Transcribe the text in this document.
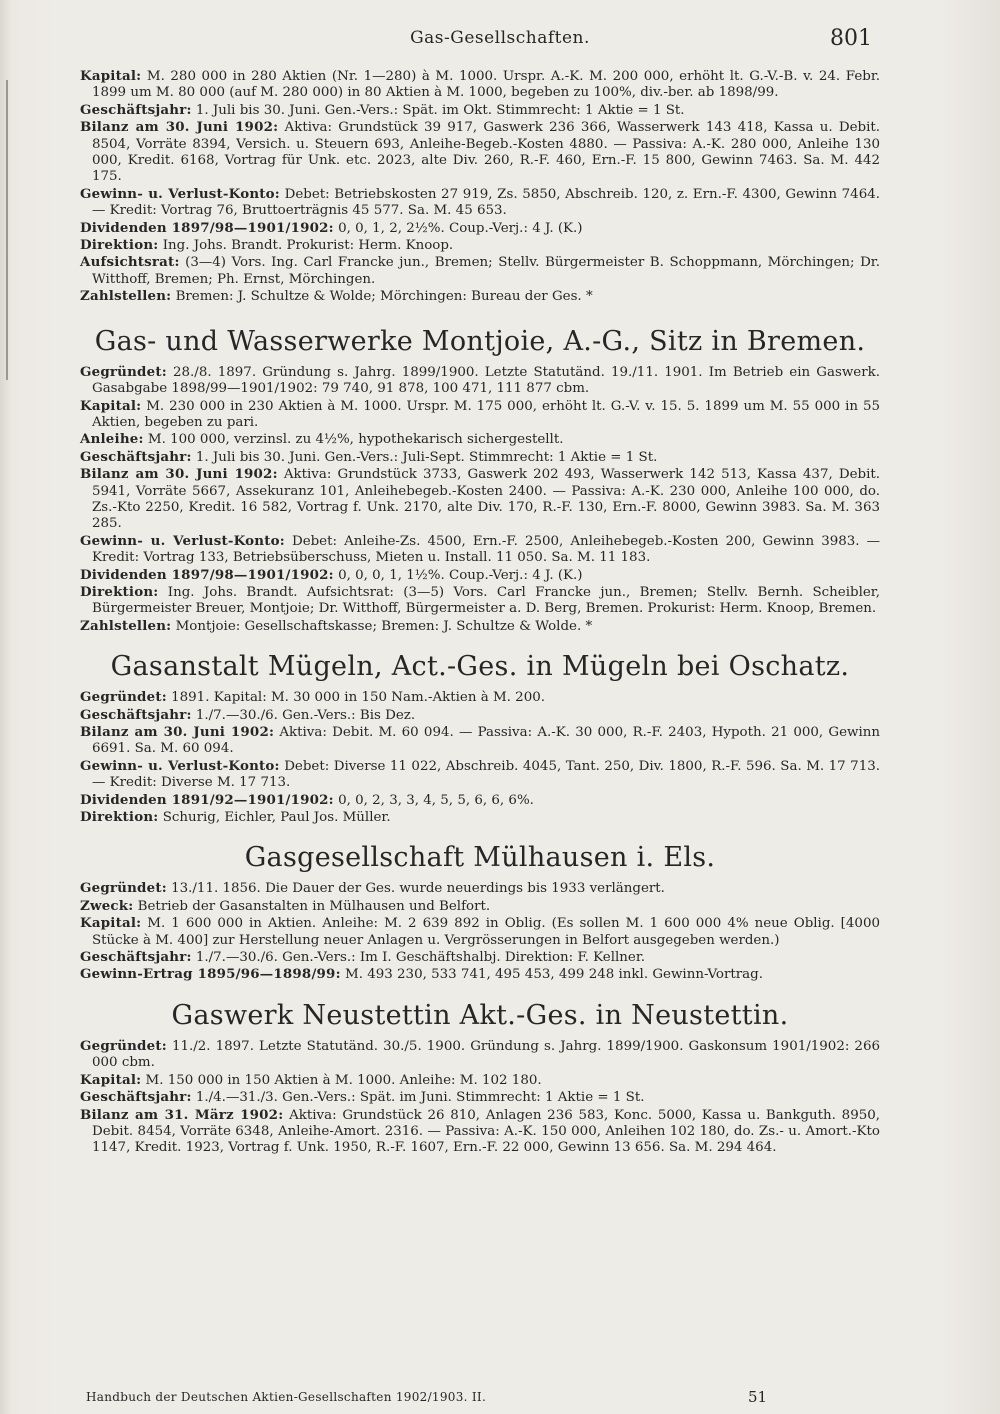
Gas-Gesellschaften.	801

Kapital: M. 280 000 in 280 Aktien (Nr. 1—280) à M. 1000. Urspr. A.-K. M. 200 000, erhöht lt. G.-V.-B. v. 24. Febr. 1899 um M. 80 000 (auf M. 280 000) in 80 Aktien à M. 1000, begeben zu 100%, div.-ber. ab 1898/99.

Geschäftsjahr: 1. Juli bis 30. Juni. Gen.-Vers.: Spät. im Okt. Stimmrecht: 1 Aktie = 1 St.

Bilanz am 30. Juni 1902: Aktiva: Grundstück 39 917, Gaswerk 236 366, Wasserwerk 143 418, Kassa u. Debit. 8504, Vorräte 8394, Versich. u. Steuern 693, Anleihe-Begeb.-Kosten 4880. — Passiva: A.-K. 280 000, Anleihe 130 000, Kredit. 6168, Vortrag für Unk. etc. 2023, alte Div. 260, R.-F. 460, Ern.-F. 15 800, Gewinn 7463. Sa. M. 442 175.

Gewinn- u. Verlust-Konto: Debet: Betriebskosten 27 919, Zs. 5850, Abschreib. 120, z. Ern.-F. 4300, Gewinn 7464. — Kredit: Vortrag 76, Bruttoerträgnis 45 577. Sa. M. 45 653.

Dividenden 1897/98—1901/1902: 0, 0, 1, 2, 2½%. Coup.-Verj.: 4 J. (K.)

Direktion: Ing. Johs. Brandt. Prokurist: Herm. Knoop.

Aufsichtsrat: (3—4) Vors. Ing. Carl Francke jun., Bremen; Stellv. Bürgermeister B. Schoppmann, Mörchingen; Dr. Witthoff, Bremen; Ph. Ernst, Mörchingen.

Zahlstellen: Bremen: J. Schultze & Wolde; Mörchingen: Bureau der Ges. *

Gas- und Wasserwerke Montjoie, A.-G., Sitz in Bremen.

Gegründet: 28./8. 1897. Gründung s. Jahrg. 1899/1900. Letzte Statutänd. 19./11. 1901. Im Betrieb ein Gaswerk. Gasabgabe 1898/99—1901/1902: 79 740, 91 878, 100 471, 111 877 cbm.

Kapital: M. 230 000 in 230 Aktien à M. 1000. Urspr. M. 175 000, erhöht lt. G.-V. v. 15. 5. 1899 um M. 55 000 in 55 Aktien, begeben zu pari.

Anleihe: M. 100 000, verzinsl. zu 4½%, hypothekarisch sichergestellt.

Geschäftsjahr: 1. Juli bis 30. Juni. Gen.-Vers.: Juli-Sept. Stimmrecht: 1 Aktie = 1 St.

Bilanz am 30. Juni 1902: Aktiva: Grundstück 3733, Gaswerk 202 493, Wasserwerk 142 513, Kassa 437, Debit. 5941, Vorräte 5667, Assekuranz 101, Anleihebegeb.-Kosten 2400. — Passiva: A.-K. 230 000, Anleihe 100 000, do. Zs.-Kto 2250, Kredit. 16 582, Vortrag f. Unk. 2170, alte Div. 170, R.-F. 130, Ern.-F. 8000, Gewinn 3983. Sa. M. 363 285.

Gewinn- u. Verlust-Konto: Debet: Anleihe-Zs. 4500, Ern.-F. 2500, Anleihebegeb.-Kosten 200, Gewinn 3983. — Kredit: Vortrag 133, Betriebsüberschuss, Mieten u. Install. 11 050. Sa. M. 11 183.

Dividenden 1897/98—1901/1902: 0, 0, 0, 1, 1½%. Coup.-Verj.: 4 J. (K.)

Direktion: Ing. Johs. Brandt. Aufsichtsrat: (3—5) Vors. Carl Francke jun., Bremen; Stellv. Bernh. Scheibler, Bürgermeister Breuer, Montjoie; Dr. Witthoff, Bürgermeister a. D. Berg, Bremen. Prokurist: Herm. Knoop, Bremen.

Zahlstellen: Montjoie: Gesellschaftskasse; Bremen: J. Schultze & Wolde. *

Gasanstalt Mügeln, Act.-Ges. in Mügeln bei Oschatz.

Gegründet: 1891. Kapital: M. 30 000 in 150 Nam.-Aktien à M. 200.

Geschäftsjahr: 1./7.—30./6. Gen.-Vers.: Bis Dez.

Bilanz am 30. Juni 1902: Aktiva: Debit. M. 60 094. — Passiva: A.-K. 30 000, R.-F. 2403, Hypoth. 21 000, Gewinn 6691. Sa. M. 60 094.

Gewinn- u. Verlust-Konto: Debet: Diverse 11 022, Abschreib. 4045, Tant. 250, Div. 1800, R.-F. 596. Sa. M. 17 713. — Kredit: Diverse M. 17 713.

Dividenden 1891/92—1901/1902: 0, 0, 2, 3, 3, 4, 5, 5, 6, 6, 6%.

Direktion: Schurig, Eichler, Paul Jos. Müller.

Gasgesellschaft Mülhausen i. Els.

Gegründet: 13./11. 1856. Die Dauer der Ges. wurde neuerdings bis 1933 verlängert.

Zweck: Betrieb der Gasanstalten in Mülhausen und Belfort.

Kapital: M. 1 600 000 in Aktien. Anleihe: M. 2 639 892 in Oblig. (Es sollen M. 1 600 000 4% neue Oblig. [4000 Stücke à M. 400] zur Herstellung neuer Anlagen u. Vergrösserungen in Belfort ausgegeben werden.)

Geschäftsjahr: 1./7.—30./6. Gen.-Vers.: Im I. Geschäftshalbj. Direktion: F. Kellner.

Gewinn-Ertrag 1895/96—1898/99: M. 493 230, 533 741, 495 453, 499 248 inkl. Gewinn-Vortrag.

Gaswerk Neustettin Akt.-Ges. in Neustettin.

Gegründet: 11./2. 1897. Letzte Statutänd. 30./5. 1900. Gründung s. Jahrg. 1899/1900. Gaskonsum 1901/1902: 266 000 cbm.

Kapital: M. 150 000 in 150 Aktien à M. 1000. Anleihe: M. 102 180.

Geschäftsjahr: 1./4.—31./3. Gen.-Vers.: Spät. im Juni. Stimmrecht: 1 Aktie = 1 St.

Bilanz am 31. März 1902: Aktiva: Grundstück 26 810, Anlagen 236 583, Konc. 5000, Kassa u. Bankguth. 8950, Debit. 8454, Vorräte 6348, Anleihe-Amort. 2316. — Passiva: A.-K. 150 000, Anleihen 102 180, do. Zs.- u. Amort.-Kto 1147, Kredit. 1923, Vortrag f. Unk. 1950, R.-F. 1607, Ern.-F. 22 000, Gewinn 13 656. Sa. M. 294 464.

Handbuch der Deutschen Aktien-Gesellschaften 1902/1903. II.	51
